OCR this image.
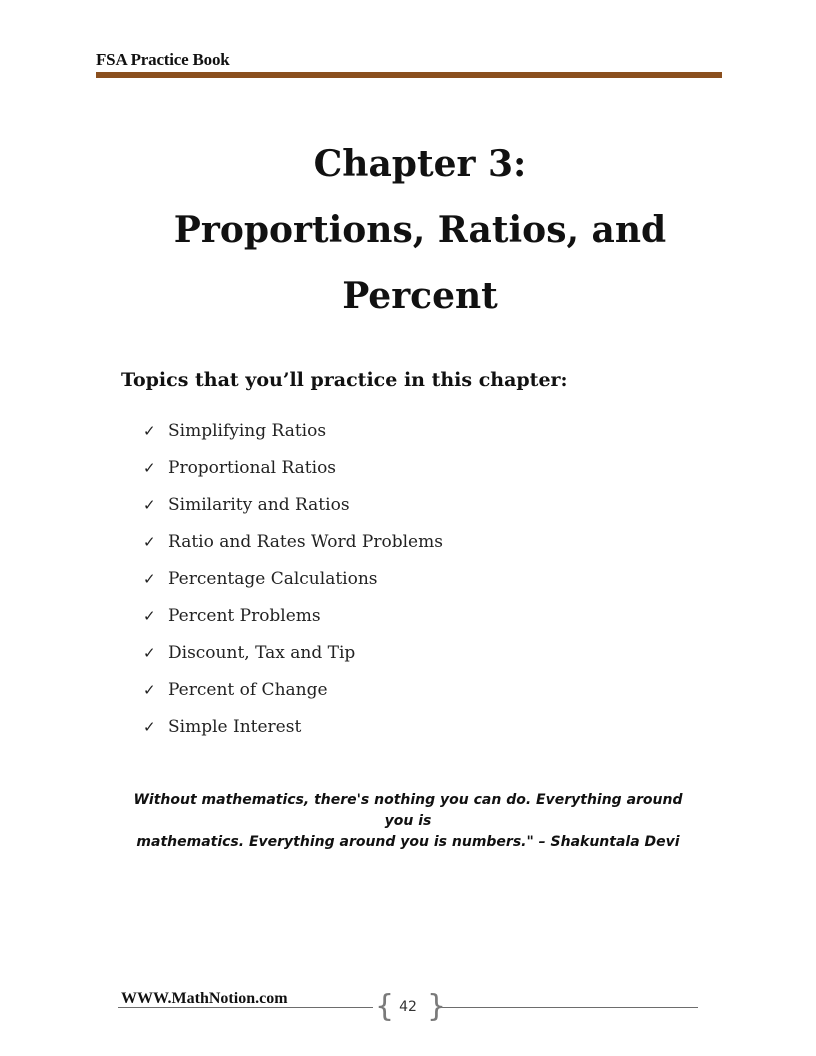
FSA Practice Book
Chapter 3:
Proportions, Ratios, and
Percent
Topics that you’ll practice in this chapter:
✓ Simplifying Ratios
✓ Proportional Ratios
✓ Similarity and Ratios
✓ Ratio and Rates Word Problems
✓ Percentage Calculations
✓ Percent Problems
✓ Discount, Tax and Tip
✓ Percent of Change
✓ Simple Interest
Without mathematics, there's nothing you can do. Everything around you is
mathematics. Everything around you is numbers." – Shakuntala Devi
WWW.MathNotion.com	{ }
42
